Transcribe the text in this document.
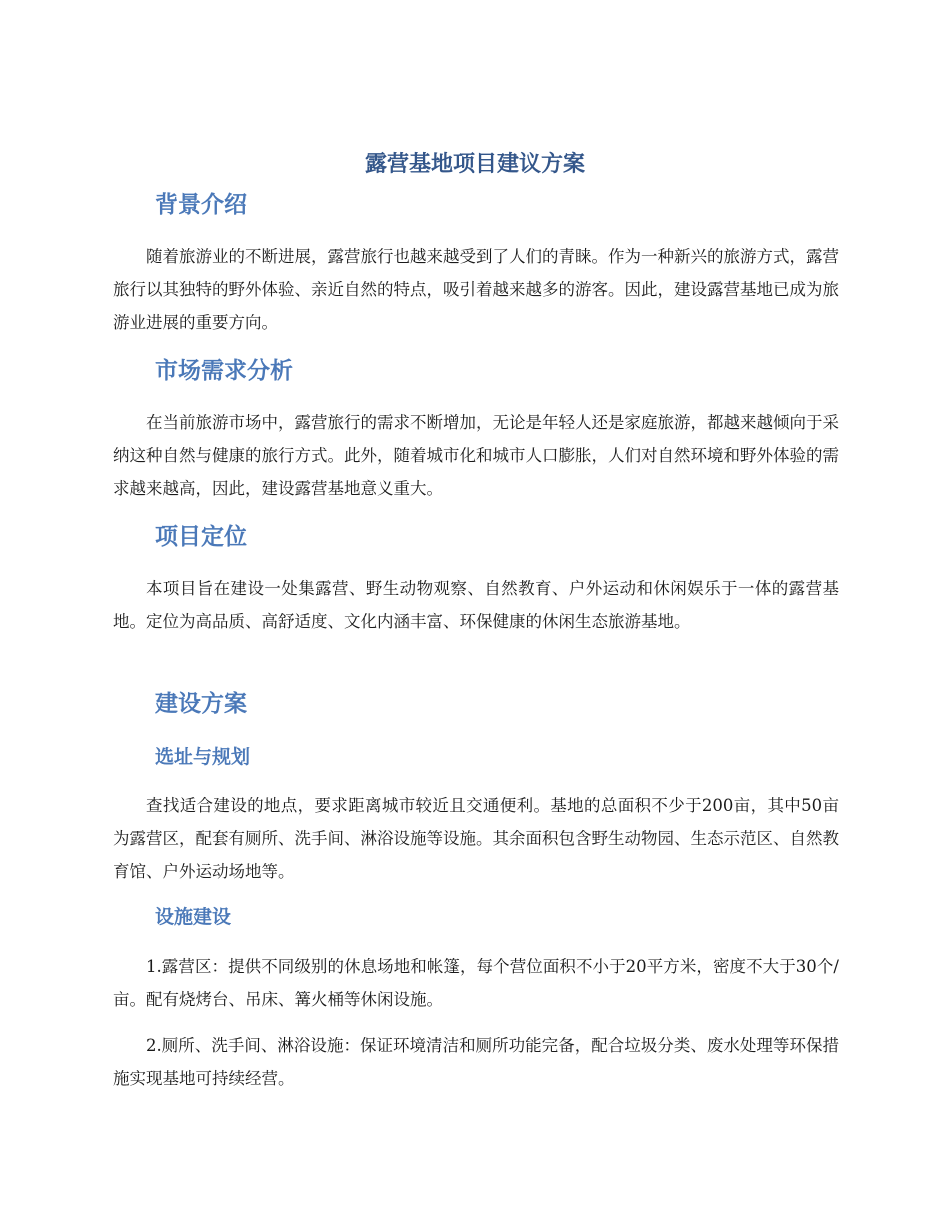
露营基地项目建议方案
背景介绍

随着旅游业的不断进展，露营旅行也越来越受到了人们的青睐。作为一种新兴的旅游方式，露营旅行以其独特的野外体验、亲近自然的特点，吸引着越来越多的游客。因此，建设露营基地已成为旅游业进展的重要方向。

市场需求分析

在当前旅游市场中，露营旅行的需求不断增加，无论是年轻人还是家庭旅游，都越来越倾向于采纳这种自然与健康的旅行方式。此外，随着城市化和城市人口膨胀，人们对自然环境和野外体验的需求越来越高，因此，建设露营基地意义重大。

项目定位

本项目旨在建设一处集露营、野生动物观察、自然教育、户外运动和休闲娱乐于一体的露营基地。定位为高品质、高舒适度、文化内涵丰富、环保健康的休闲生态旅游基地。

建设方案
选址与规划

查找适合建设的地点，要求距离城市较近且交通便利。基地的总面积不少于200亩，其中50亩为露营区，配套有厕所、洗手间、淋浴设施等设施。其余面积包含野生动物园、生态示范区、自然教育馆、户外运动场地等。

设施建设

1.露营区：提供不同级别的休息场地和帐篷，每个营位面积不小于20平方米，密度不大于30个/亩。配有烧烤台、吊床、篝火桶等休闲设施。

2.厕所、洗手间、淋浴设施：保证环境清洁和厕所功能完备，配合垃圾分类、废水处理等环保措施实现基地可持续经营。
